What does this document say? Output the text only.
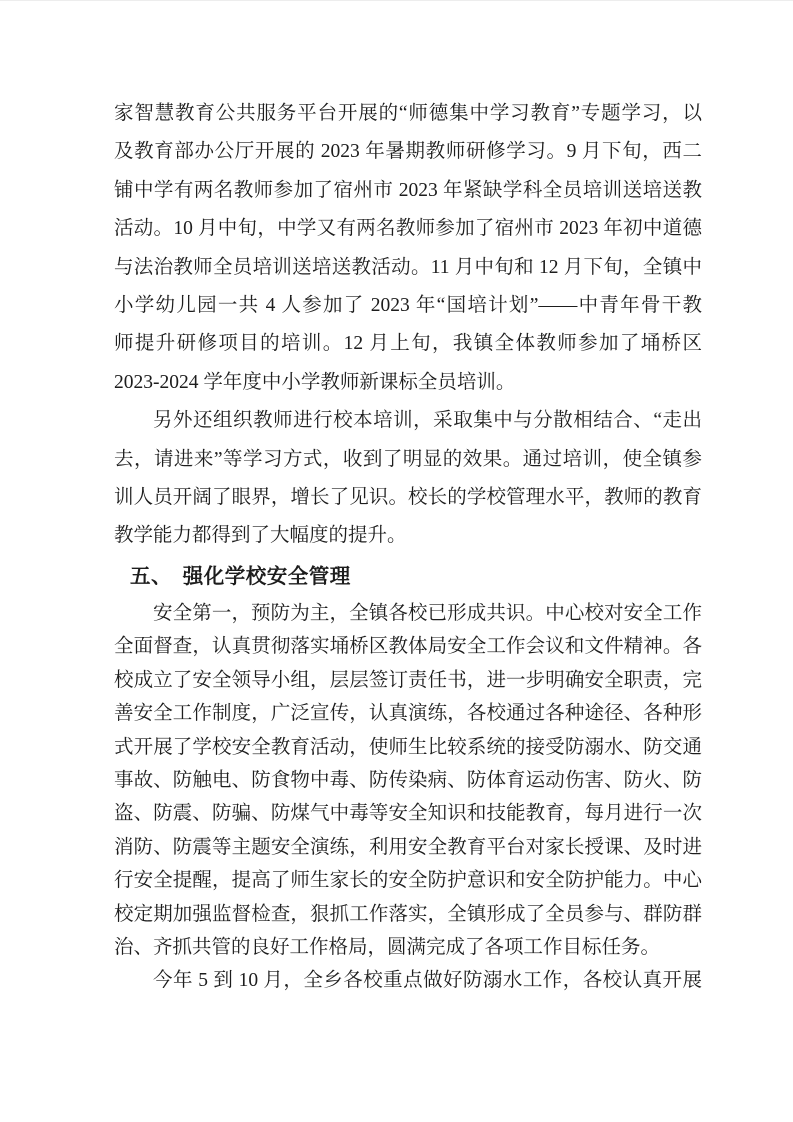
家智慧教育公共服务平台开展的“师德集中学习教育”专题学习，以
及教育部办公厅开展的 2023 年暑期教师研修学习。9 月下旬，西二
铺中学有两名教师参加了宿州市 2023 年紧缺学科全员培训送培送教
活动。10 月中旬，中学又有两名教师参加了宿州市 2023 年初中道德
与法治教师全员培训送培送教活动。11 月中旬和 12 月下旬，全镇中
小学幼儿园一共 4 人参加了 2023 年“国培计划”——中青年骨干教
师提升研修项目的培训。12 月上旬，我镇全体教师参加了埇桥区
2023-2024 学年度中小学教师新课标全员培训。
另外还组织教师进行校本培训，采取集中与分散相结合、“走出
去，请进来”等学习方式，收到了明显的效果。通过培训，使全镇参
训人员开阔了眼界，增长了见识。校长的学校管理水平，教师的教育
教学能力都得到了大幅度的提升。
五、　强化学校安全管理
安全第一，预防为主，全镇各校已形成共识。中心校对安全工作
全面督查，认真贯彻落实埇桥区教体局安全工作会议和文件精神。各
校成立了安全领导小组，层层签订责任书，进一步明确安全职责，完
善安全工作制度，广泛宣传，认真演练，各校通过各种途径、各种形
式开展了学校安全教育活动，使师生比较系统的接受防溺水、防交通
事故、防触电、防食物中毒、防传染病、防体育运动伤害、防火、防
盗、防震、防骗、防煤气中毒等安全知识和技能教育，每月进行一次
消防、防震等主题安全演练，利用安全教育平台对家长授课、及时进
行安全提醒，提高了师生家长的安全防护意识和安全防护能力。中心
校定期加强监督检查，狠抓工作落实，全镇形成了全员参与、群防群
治、齐抓共管的良好工作格局，圆满完成了各项工作目标任务。
今年 5 到 10 月，全乡各校重点做好防溺水工作，各校认真开展
